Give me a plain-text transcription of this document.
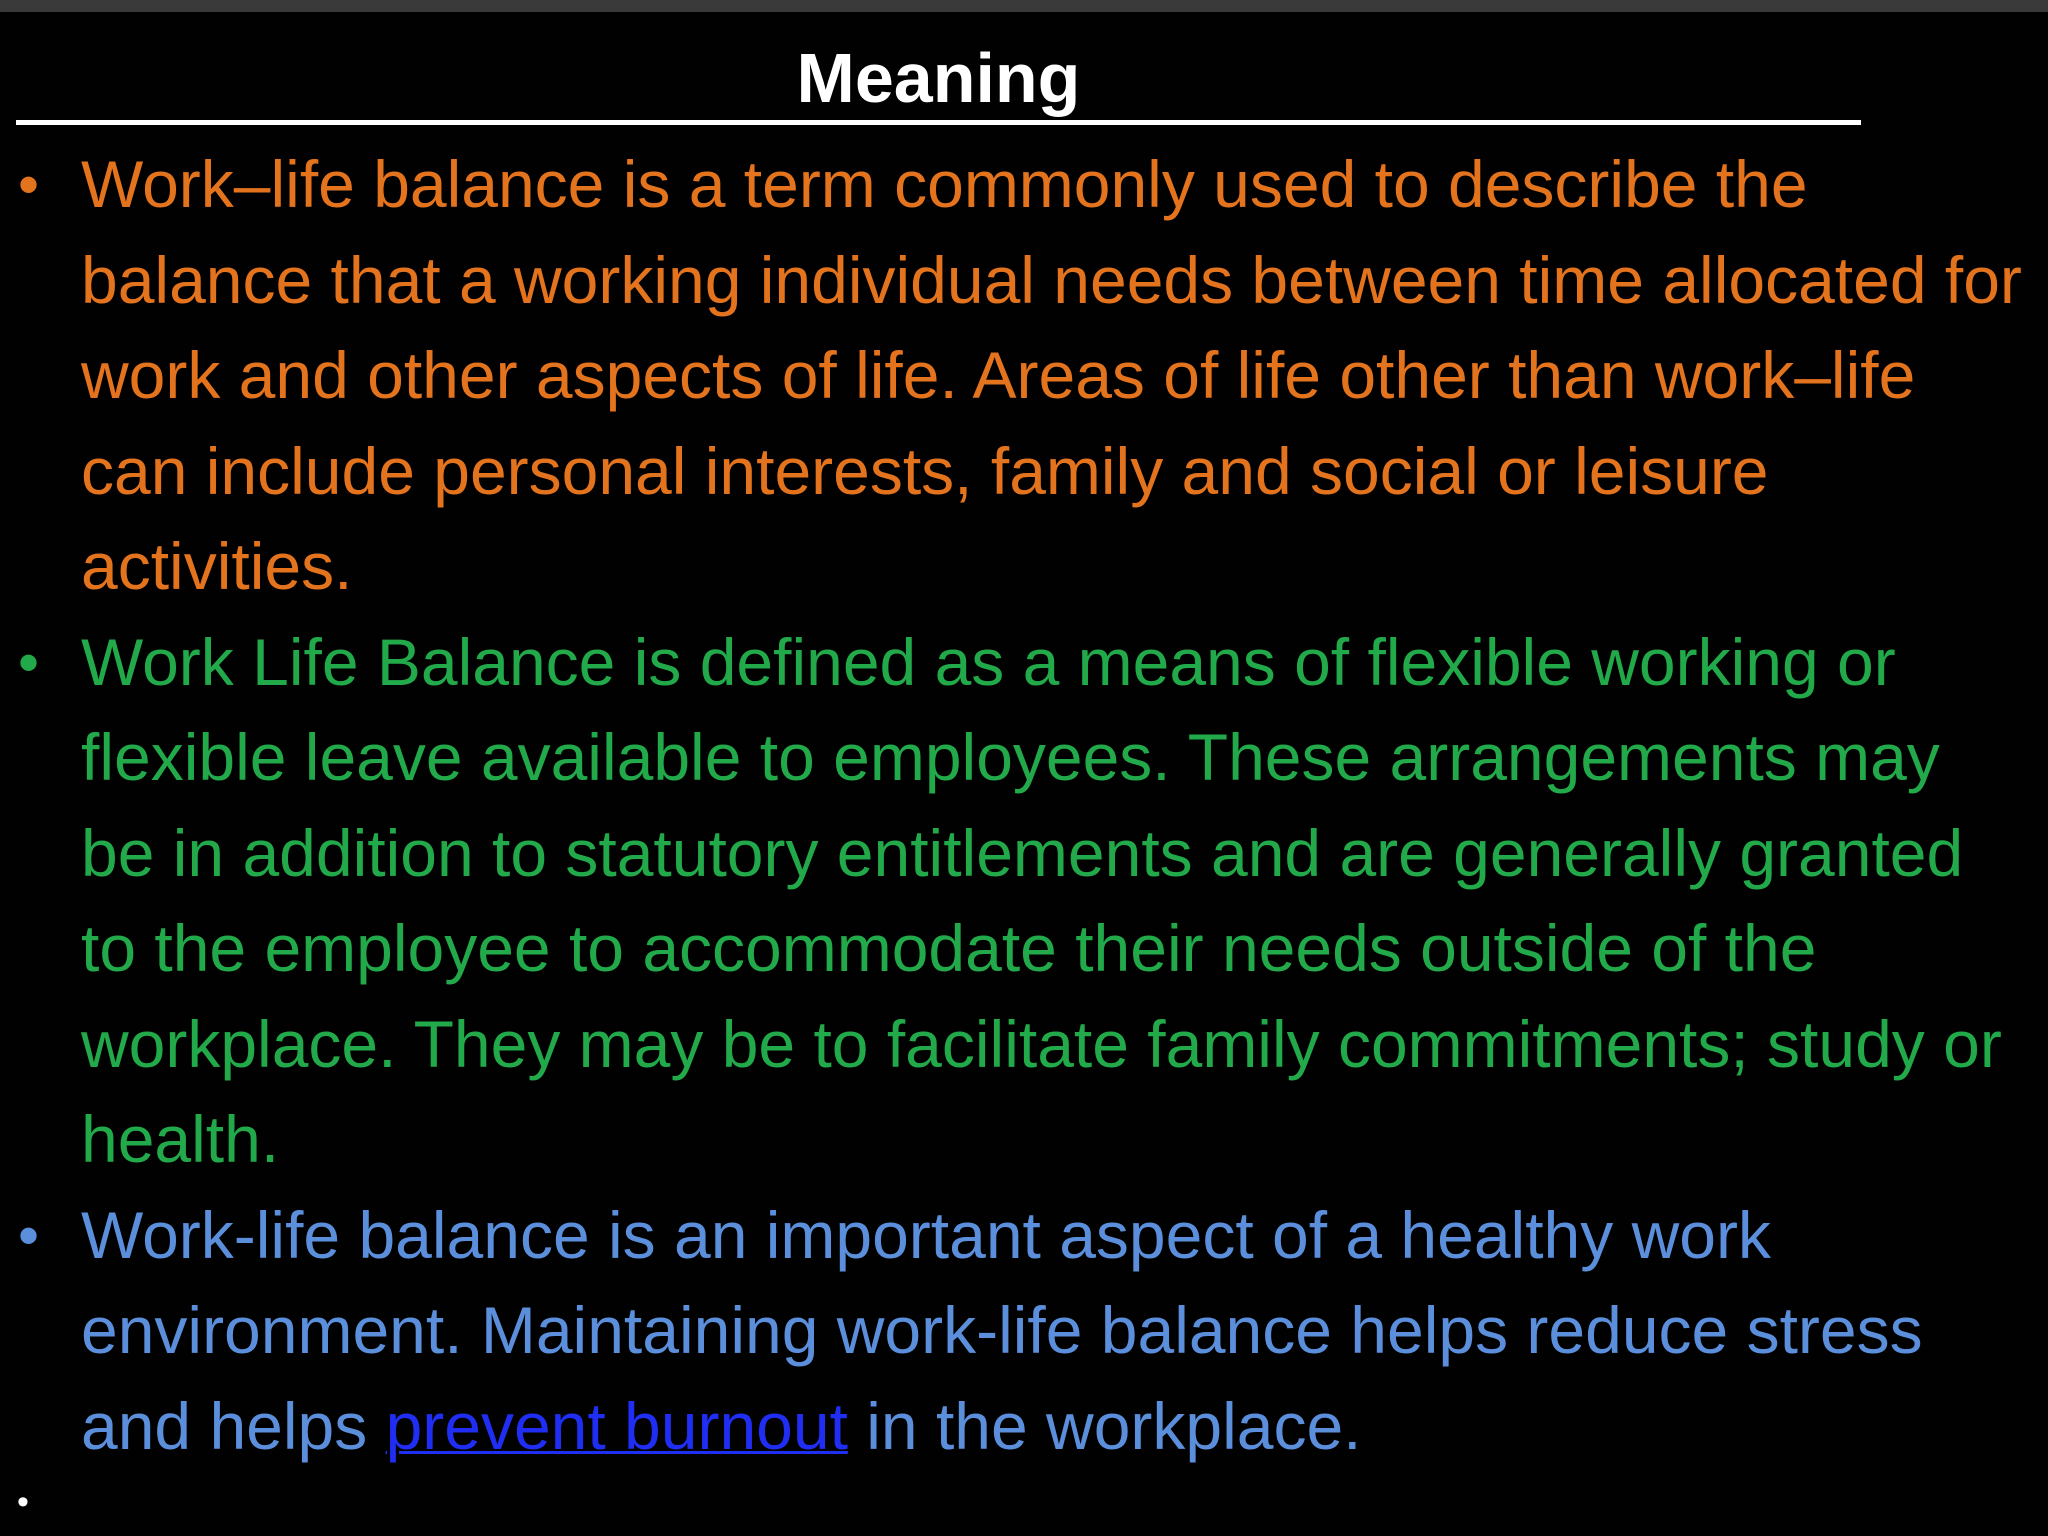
Meaning

• Work–life balance is a term commonly used to describe the balance that a working individual needs between time allocated for work and other aspects of life. Areas of life other than work–life can include personal interests, family and social or leisure activities.

• Work Life Balance is defined as a means of flexible working or flexible leave available to employees. These arrangements may be in addition to statutory entitlements and are generally granted to the employee to accommodate their needs outside of the workplace. They may be to facilitate family commitments; study or health.

• Work-life balance is an important aspect of a healthy work environment. Maintaining work-life balance helps reduce stress and helps prevent burnout in the workplace.

•
